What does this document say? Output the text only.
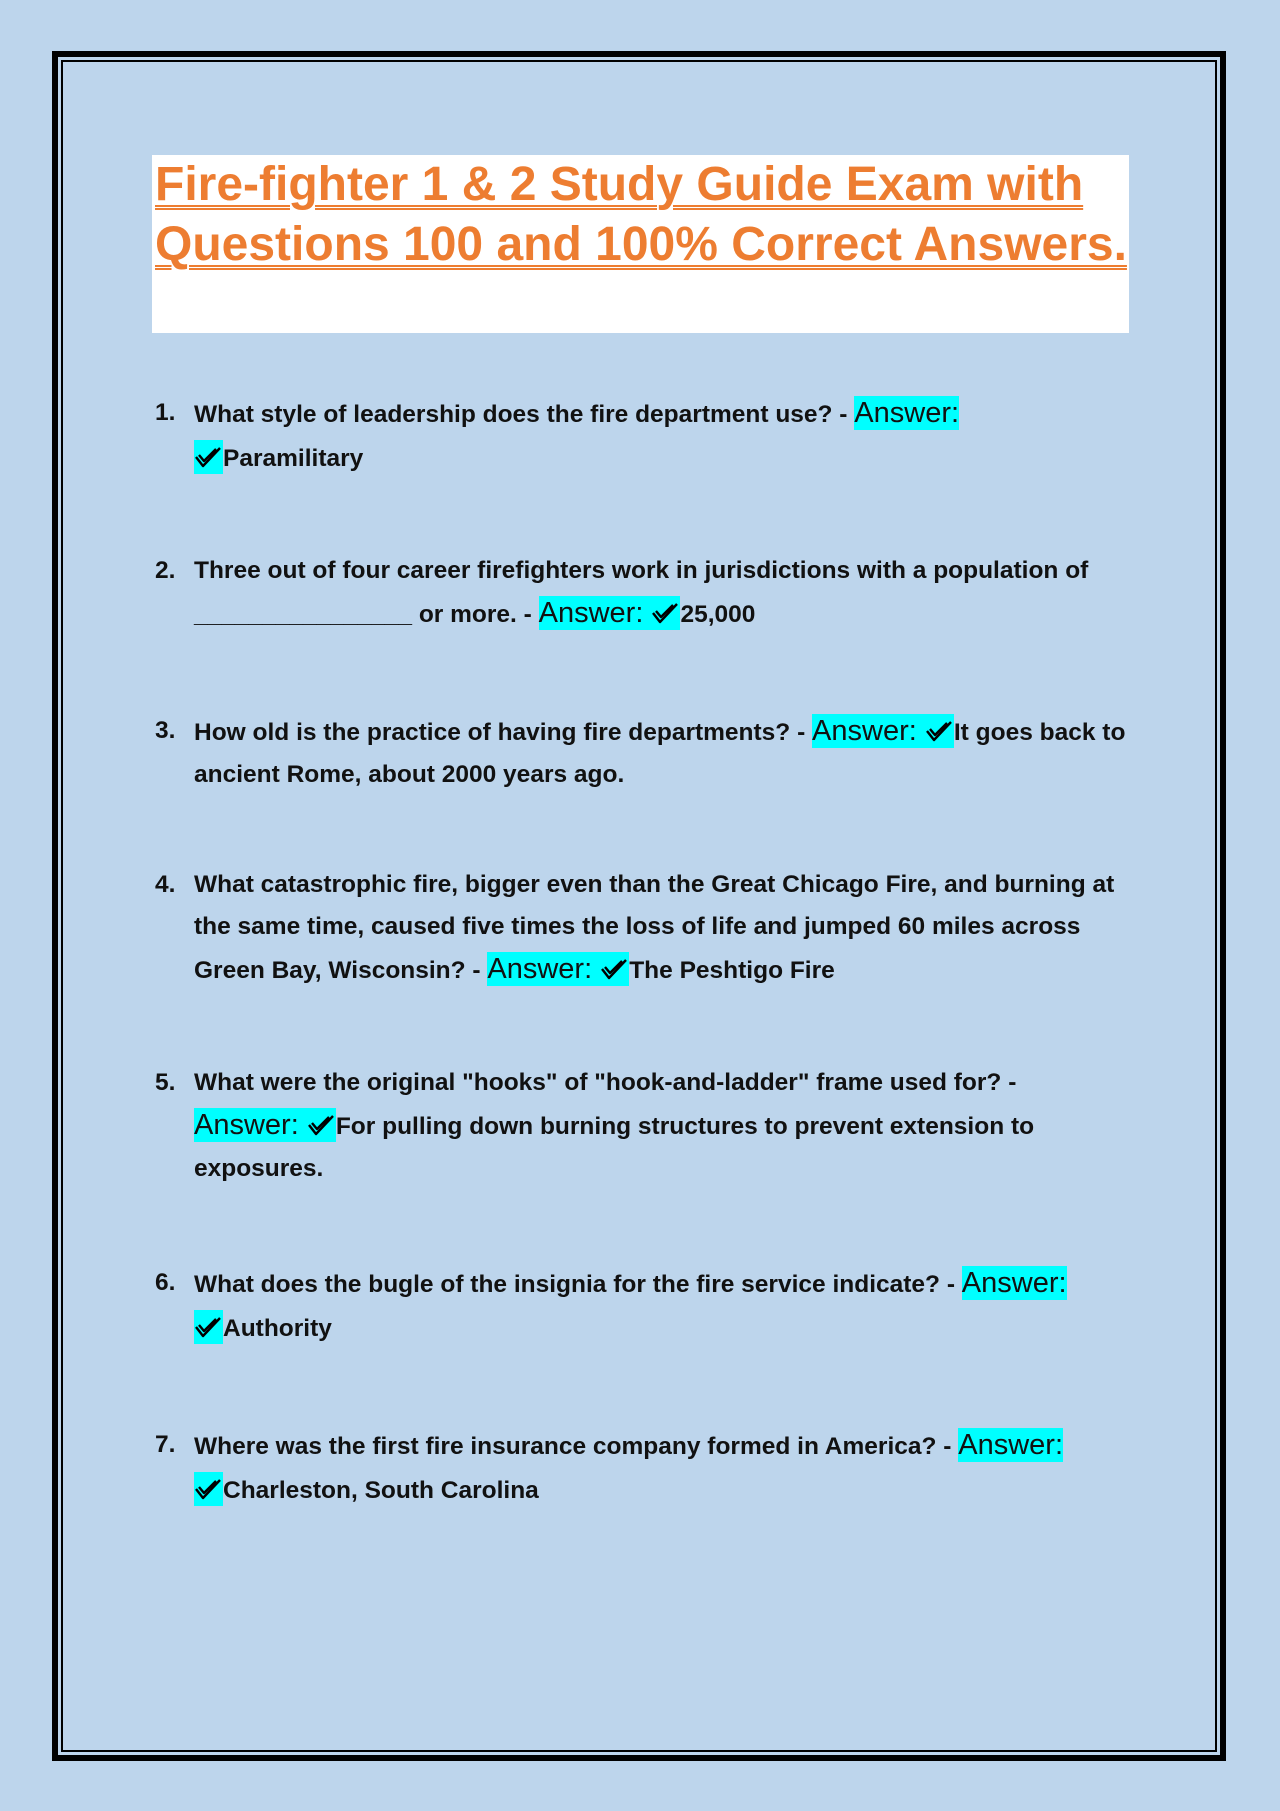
Fire-fighter 1 & 2 Study Guide Exam with Questions 100 and 100% Correct Answers.
1. What style of leadership does the fire department use? - Answer:

Paramilitary
2. Three out of four career firefighters work in jurisdictions with a population of ________________ or more. - Answer: 25,000
3. How old is the practice of having fire departments? - Answer: It goes back to ancient Rome, about 2000 years ago.
4. What catastrophic fire, bigger even than the Great Chicago Fire, and burning at the same time, caused five times the loss of life and jumped 60 miles across Green Bay, Wisconsin? - Answer: The Peshtigo Fire
5. What were the original "hooks" of "hook-and-ladder" frame used for? -
Answer: For pulling down burning structures to prevent extension to exposures.
6. What does the bugle of the insignia for the fire service indicate? - Answer:

Authority
7. Where was the first fire insurance company formed in America? - Answer:

Charleston, South Carolina
